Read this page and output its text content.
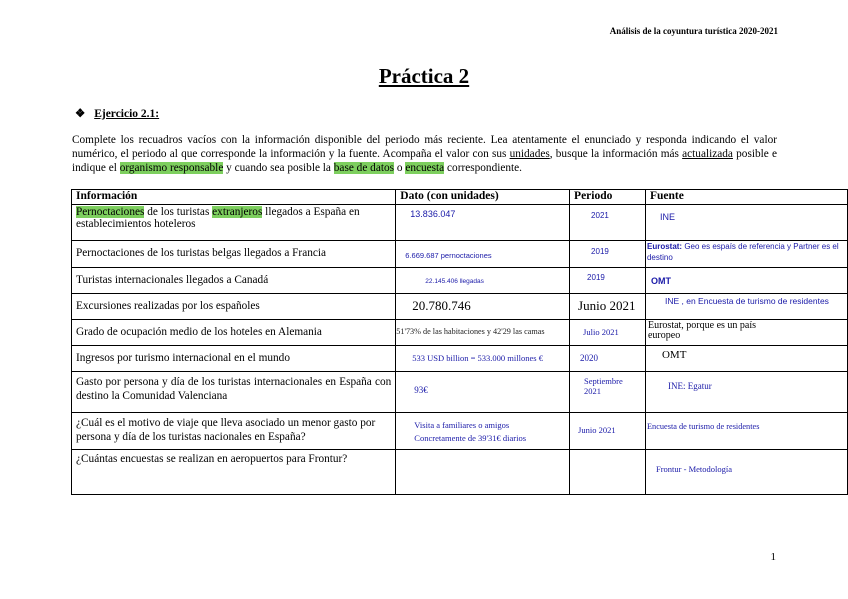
Análisis de la coyuntura turística 2020-2021
Práctica 2
❖ Ejercicio 2.1:
Complete los recuadros vacíos con la información disponible del periodo más reciente. Lea atentamente el enunciado y responda indicando el valor numérico, el periodo al que corresponde la información y la fuente. Acompaña el valor con sus unidades, busque la información más actualizada posible e indique el organismo responsable y cuando sea posible la base de datos o encuesta correspondiente.
Información	Dato (con unidades)	Periodo	Fuente
Pernoctaciones de los turistas extranjeros llegados a España en establecimientos hoteleros	13.836.047	2021	INE

Pernoctaciones de los turistas belgas llegados a Francia	6.669.687 pernoctaciones	2019	Eurostat: Geo es espaís de referencia y Partner es el destino

Turistas internacionales llegados a Canadá	22.145.406 llegadas	2019	OMT

Excursiones realizadas por los españoles	20.780.746	Junio 2021	INE , en Encuesta de turismo de residentes

Grado de ocupación medio de los hoteles en Alemania	51'73% de las habitaciones y 42'29 las camas	Julio 2021	Eurostat, porque es un país europeo

Ingresos por turismo internacional en el mundo	533 USD billion = 533.000 millones €	2020	OMT

Gasto por persona y día de los turistas internacionales en España con destino la Comunidad Valenciana	93€	Septiembre 2021	INE: Egatur

¿Cuál es el motivo de viaje que lleva asociado un menor gasto por persona y día de los turistas nacionales en España?	Visita a familiares o amigos
Concretamente de 39'31€ diarios	Junio 2021	Encuesta de turismo de residentes

¿Cuántas encuestas se realizan en aeropuertos para Frontur?			Frontur - Metodología
1
